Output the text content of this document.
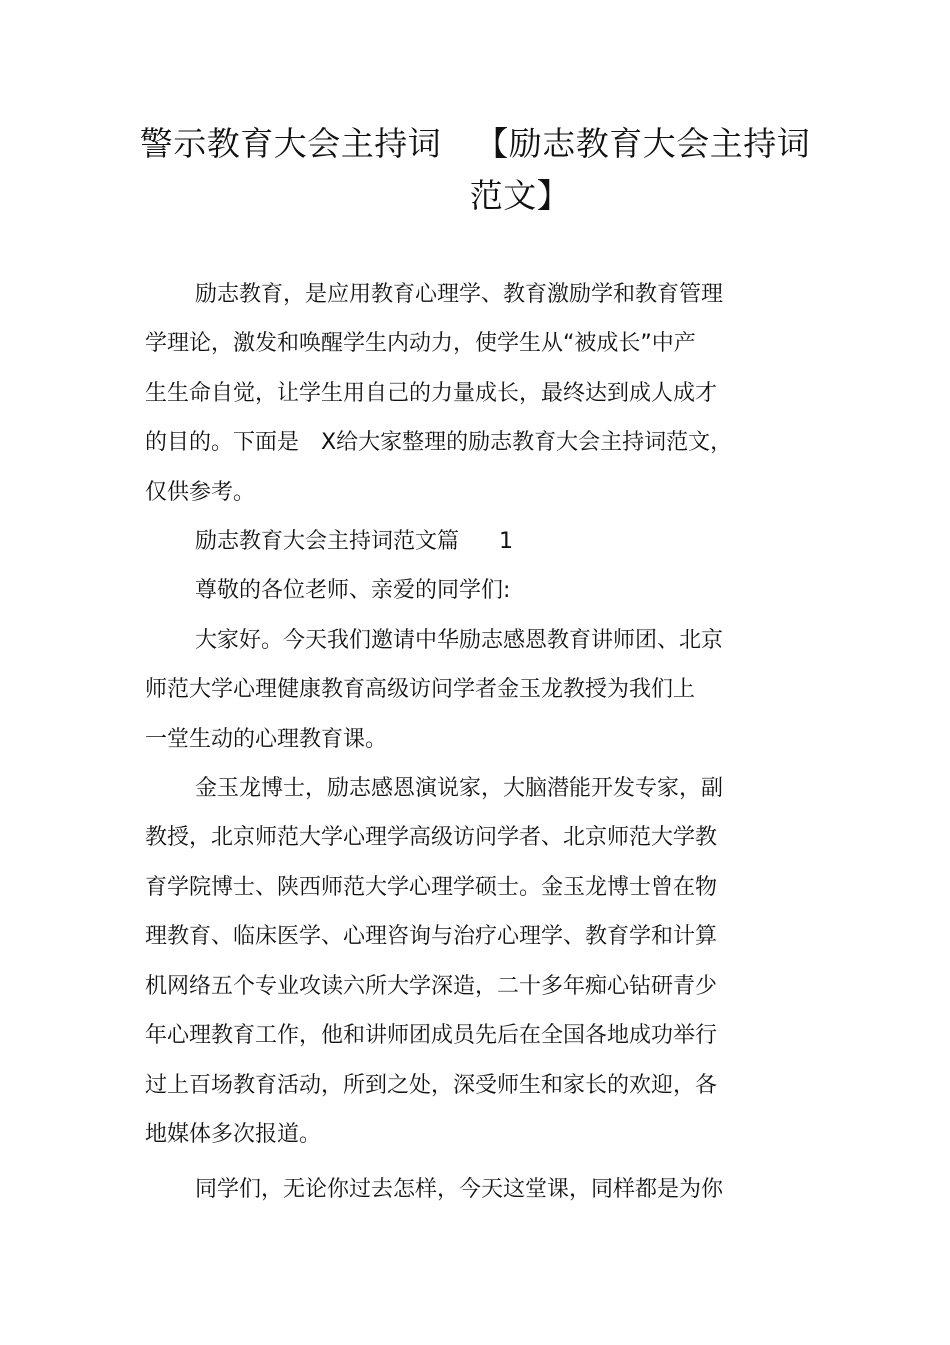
警示教育大会主持词 【励志教育大会主持词
范文】

励志教育，是应用教育心理学、教育激励学和教育管理

学理论，激发和唤醒学生内动力，使学生从“被成长”中产
生生命自觉，让学生用自己的力量成长，最终达到成人成才
的目的。下面是 X给大家整理的励志教育大会主持词范文，
仅供参考。

励志教育大会主持词范文篇 1

尊敬的各位老师、亲爱的同学们:

大家好。今天我们邀请中华励志感恩教育讲师团、北京

师范大学心理健康教育高级访问学者金玉龙教授为我们上
一堂生动的心理教育课。

金玉龙博士，励志感恩演说家，大脑潜能开发专家，副

教授，北京师范大学心理学高级访问学者、北京师范大学教
育学院博士、陕西师范大学心理学硕士。金玉龙博士曾在物
理教育、临床医学、心理咨询与治疗心理学、教育学和计算
机网络五个专业攻读六所大学深造，二十多年痴心钻研青少
年心理教育工作，他和讲师团成员先后在全国各地成功举行
过上百场教育活动，所到之处，深受师生和家长的欢迎，各
地媒体多次报道。

同学们，无论你过去怎样，今天这堂课，同样都是为你
